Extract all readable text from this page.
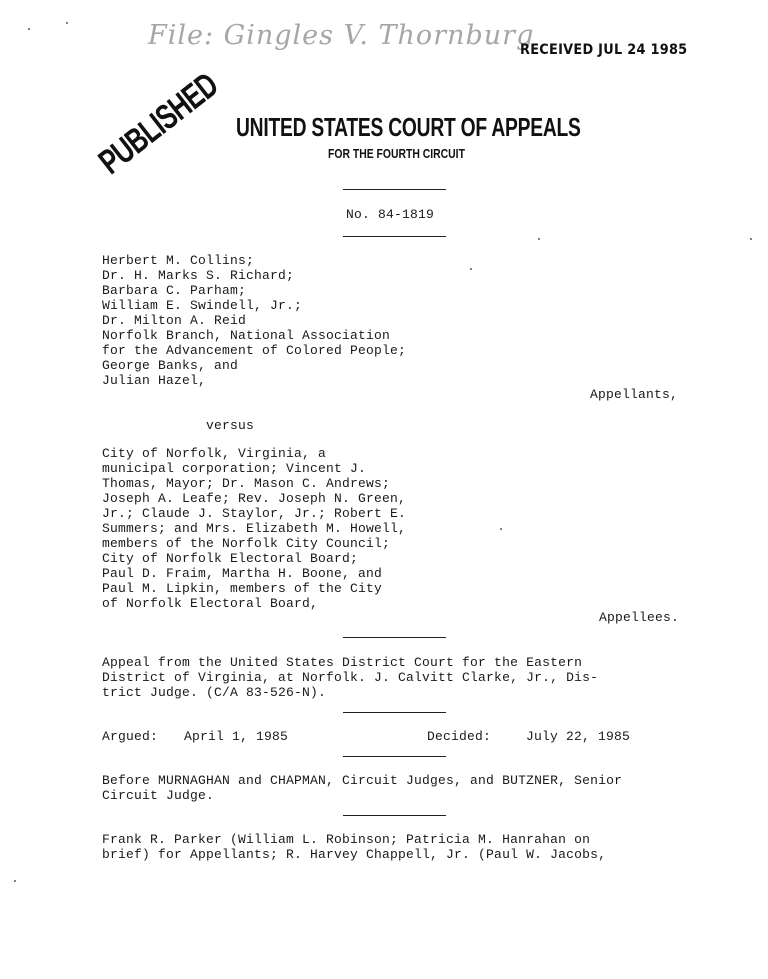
File: Gingles V. Thornburg
RECEIVED JUL 24 1985
PUBLISHED UNITED STATES COURT OF APPEALS
FOR THE FOURTH CIRCUIT
No. 84-1819
Herbert M. Collins;
Dr. H. Marks S. Richard;
Barbara C. Parham;
William E. Swindell, Jr.;
Dr. Milton A. Reid
Norfolk Branch, National Association
for the Advancement of Colored People;
George Banks, and
Julian Hazel,
Appellants,
versus
City of Norfolk, Virginia, a
municipal corporation; Vincent J.
Thomas, Mayor; Dr. Mason C. Andrews;
Joseph A. Leafe; Rev. Joseph N. Green,
Jr.; Claude J. Staylor, Jr.; Robert E.
Summers; and Mrs. Elizabeth M. Howell,
members of the Norfolk City Council;
City of Norfolk Electoral Board;
Paul D. Fraim, Martha H. Boone, and
Paul M. Lipkin, members of the City
of Norfolk Electoral Board,
Appellees.
Appeal from the United States District Court for the Eastern
District of Virginia, at Norfolk. J. Calvitt Clarke, Jr., Dis-
trict Judge. (C/A 83-526-N).
Argued: April 1, 1985	Decided:	July 22, 1985
Before MURNAGHAN and CHAPMAN, Circuit Judges, and BUTZNER, Senior
Circuit Judge.
Frank R. Parker (William L. Robinson; Patricia M. Hanrahan on
brief) for Appellants; R. Harvey Chappell, Jr. (Paul W. Jacobs,
